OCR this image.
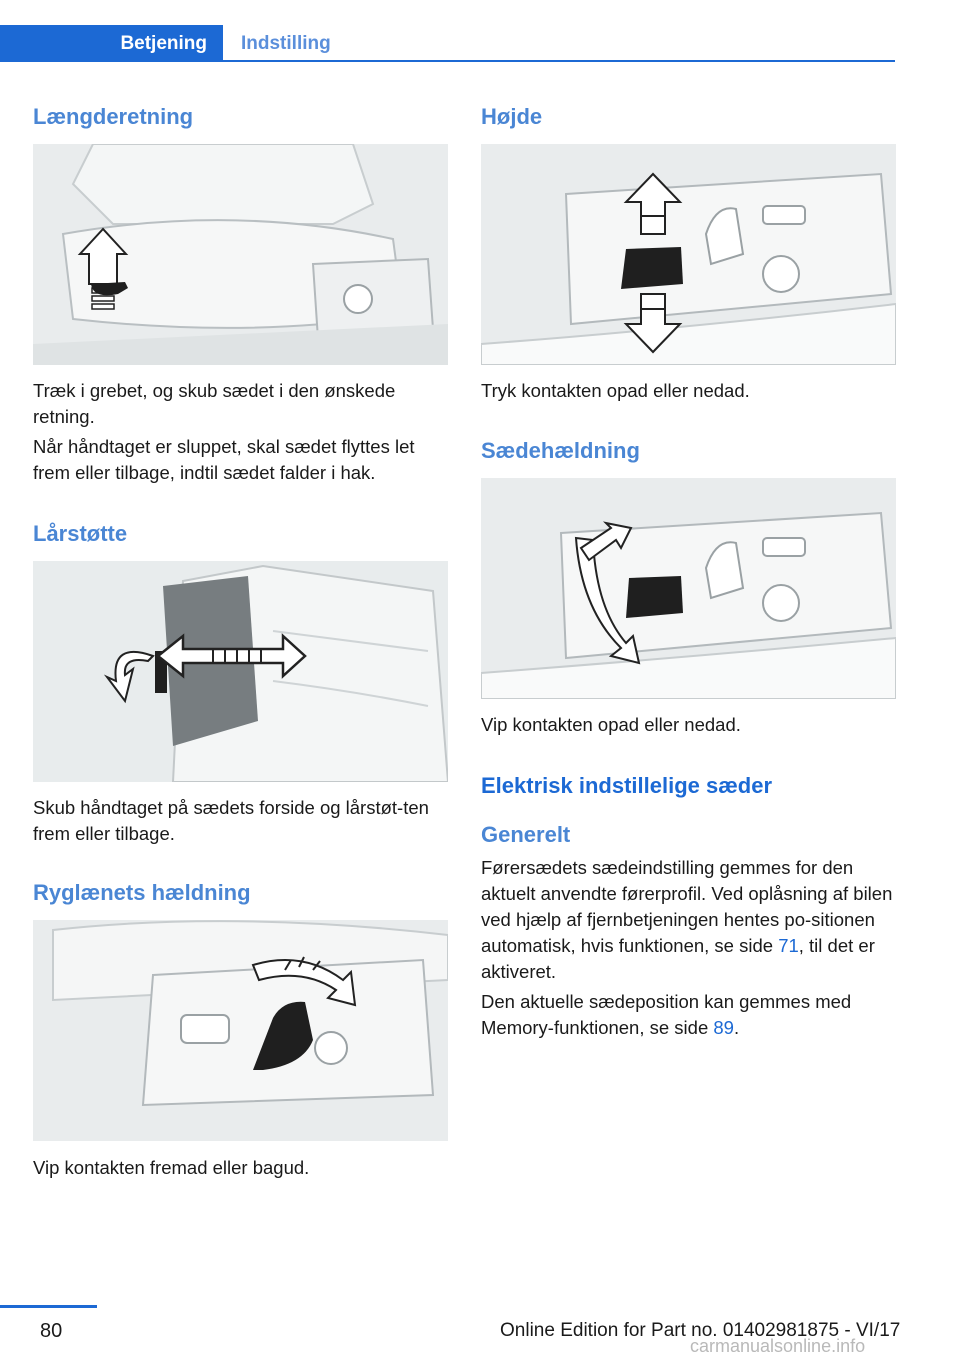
Betjening Indstilling
Længderetning

Træk i grebet, og skub sædet i den ønskede retning.

Når håndtaget er sluppet, skal sædet flyttes let frem eller tilbage, indtil sædet falder i hak.

Lårstøtte

Skub håndtaget på sædets forside og lårstøt‐ten frem eller tilbage.

Ryglænets hældning

Vip kontakten fremad eller bagud.

Højde

Tryk kontakten opad eller nedad.

Sædehældning

Vip kontakten opad eller nedad.

Elektrisk indstillelige sæder
Generelt

Førersædets sædeindstilling gemmes for den aktuelt anvendte førerprofil. Ved oplåsning af bilen ved hjælp af fjernbetjeningen hentes po‐sitionen automatisk, hvis funktionen, se side 71, til det er aktiveret.

Den aktuelle sædeposition kan gemmes med Memory-funktionen, se side 89.

80	Online Edition for Part no. 01402981875 - VI/17
carmanualsonline.info
